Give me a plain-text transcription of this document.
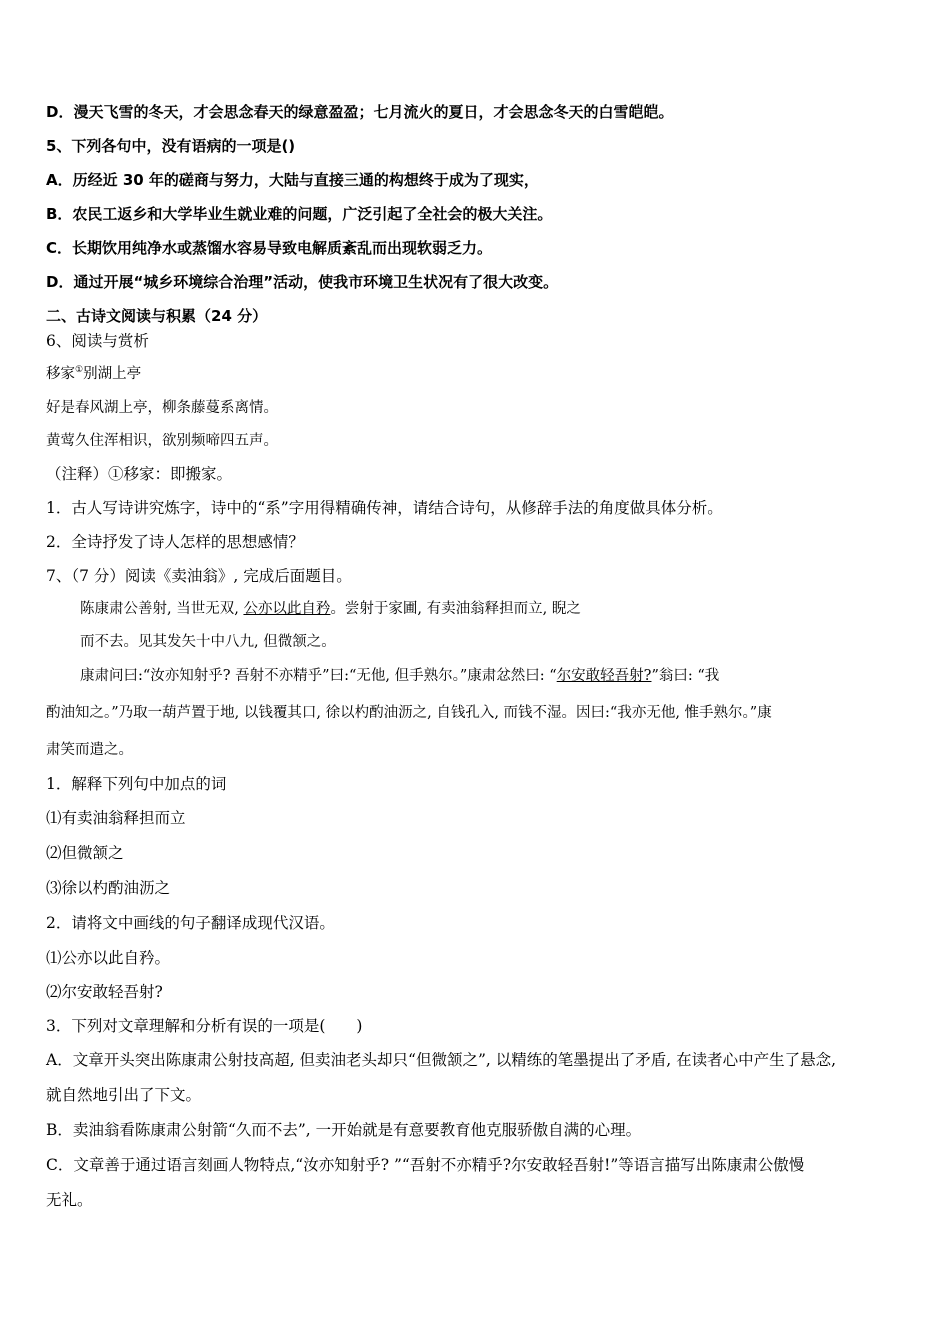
D．漫天飞雪的冬天，才会思念春天的绿意盈盈；七月流火的夏日，才会思念冬天的白雪皑皑。
5、下列各句中，没有语病的一项是()
A．历经近 30 年的磋商与努力，大陆与直接三通的构想终于成为了现实，
B．农民工返乡和大学毕业生就业难的问题，广泛引起了全社会的极大关注。
C．长期饮用纯净水或蒸馏水容易导致电解质紊乱而出现软弱乏力。
D．通过开展“城乡环境综合治理”活动，使我市环境卫生状况有了很大改变。
二、古诗文阅读与积累（24 分）
6、阅读与赏析
移家①别湖上亭
好是春风湖上亭，柳条藤蔓系离情。
黄莺久住浑相识，欲别频啼四五声。
（注释）①移家：即搬家。
1．古人写诗讲究炼字，诗中的“系”字用得精确传神，请结合诗句，从修辞手法的角度做具体分析。
2．全诗抒发了诗人怎样的思想感情？
7、（7 分）阅读《卖油翁》, 完成后面题目。
陈康肃公善射, 当世无双, 公亦以此自矜。尝射于家圃, 有卖油翁释担而立, 睨之
而不去。见其发矢十中八九, 但微颔之。
康肃问曰:“汝亦知射乎? 吾射不亦精乎”曰:“无他, 但手熟尔。”康肃忿然曰: “尔安敢轻吾射?”翁曰: “我
酌油知之。”乃取一葫芦置于地, 以钱覆其口, 徐以杓酌油沥之, 自钱孔入, 而钱不湿。因曰:“我亦无他, 惟手熟尔。”康
肃笑而遣之。
1．解释下列句中加点的词
⑴有卖油翁释担而立
⑵但微颔之
⑶徐以杓酌油沥之
2．请将文中画线的句子翻译成现代汉语。
⑴公亦以此自矜。
⑵尔安敢轻吾射?
3．下列对文章理解和分析有误的一项是(　　)
A．文章开头突出陈康肃公射技高超, 但卖油老头却只“但微颔之”, 以精练的笔墨提出了矛盾, 在读者心中产生了悬念,
就自然地引出了下文。
B．卖油翁看陈康肃公射箭“久而不去”, 一开始就是有意要教育他克服骄傲自满的心理。
C．文章善于通过语言刻画人物特点,“汝亦知射乎? ”“吾射不亦精乎?尔安敢轻吾射!”等语言描写出陈康肃公傲慢
无礼。
